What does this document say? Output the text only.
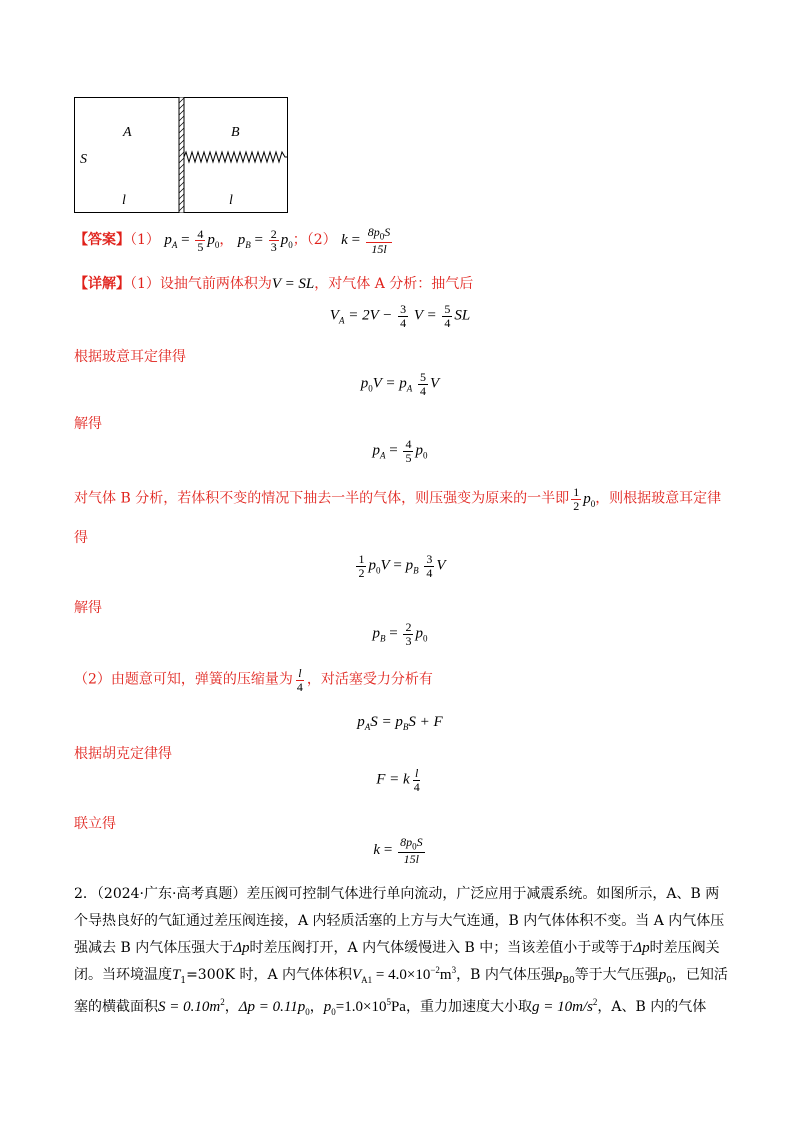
A	B
S
l	l
【答案】（1） $p_A = \frac{4}{5} p_0$， $p_B = \frac{2}{3} p_0$；（2） $k = \frac{8p_0S}{15l}$
【详解】（1）设抽气前两体积为V = SL，对气体 A 分析：抽气后
$V_A = 2V - \frac{3}{4}$ $V = \frac{5}{4}$ SL
根据玻意耳定律得
$p_0V = p_A \frac{5}{4}$ V
解得
$p_A = \frac{4}{5} p_0$
对气体 B 分析，若体积不变的情况下抽去一半的气体，则压强变为原来的一半即 $\frac{1}{2} p_0$，则根据玻意耳定律
得
$\frac{1}{2} p_0V = p_B \frac{3}{4}$ V
解得
$p_B = \frac{2}{3} p_0$
（2）由题意可知，弹簧的压缩量为 $\frac{l}{4}$ ，对活塞受力分析有
$p_AS = p_BS + F$
根据胡克定律得
F = k $\frac{l}{4}$
联立得
$k = \frac{8p_0S}{15l}$
2．（2024·广东·高考真题）差压阀可控制气体进行单向流动，广泛应用于减震系统。如图所示，A、B 两
个导热良好的气缸通过差压阀连接，A 内轻质活塞的上方与大气连通，B 内气体体积不变。当 A 内气体压
强减去 B 内气体压强大于Δp时差压阀打开，A 内气体缓慢进入 B 中；当该差值小于或等于Δp时差压阀关
闭。当环境温度$T_1=300K$ 时，A 内气体体积$V_{A1} = 4.0\times 10^{-2}m^3$，B 内气体压强$p_{B0}$等于大气压强$p_0$，已知活
塞的横截面积$S = 0.10m^2$，$\Delta p = 0.11p_0$，$p_0=1.0\times 10^5Pa$，重力加速度大小取$g = 10m/s^2$，A、B 内的气体
